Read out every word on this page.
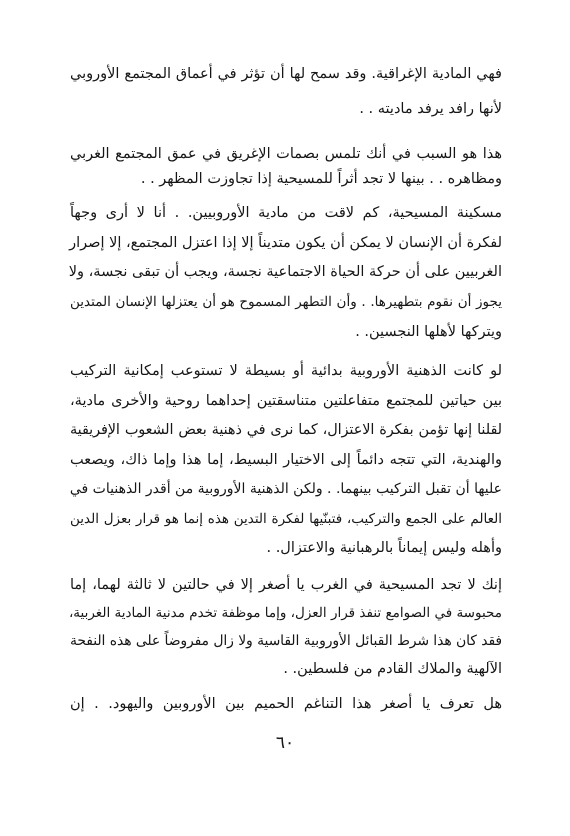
فهي المادية الإغراقية. وقد سمح لها أن تؤثر في أعماق المجتمع الأوروبي
لأنها رافد يرفد ماديته . .
هذا هو السبب في أنك تلمس بصمات الإغريق في عمق المجتمع الغربي
ومظاهره . . بينها لا تجد أثراً للمسيحية إذا تجاوزت المظهر . .
مسكينة المسيحية، كم لاقت من مادية الأوروبيين. . أنا لا أرى وجهاً
لفكرة أن الإنسان لا يمكن أن يكون متديناً إلا إذا اعتزل المجتمع، إلا إصرار
الغربيين على أن حركة الحياة الاجتماعية نجسة، ويجب أن تبقى نجسة، ولا
يجوز أن نقوم بتطهيرها. . وأن التطهر المسموح هو أن يعتزلها الإنسان المتدين
ويتركها لأهلها النجسين. .
لو كانت الذهنية الأوروبية بدائية أو بسيطة لا تستوعب إمكانية التركيب
بين حياتين للمجتمع متفاعلتين متناسقتين إحداهما روحية والأخرى مادية،
لقلنا إنها تؤمن بفكرة الاعتزال، كما نرى في ذهنية بعض الشعوب الإفريقية
والهندية، التي تتجه دائماً إلى الاختيار البسيط، إما هذا وإما ذاك، ويصعب
عليها أن تقبل التركيب بينهما. . ولكن الذهنية الأوروبية من أقدر الذهنيات في
العالم على الجمع والتركيب، فتبنّيها لفكرة التدين هذه إنما هو قرار بعزل الدين
وأهله وليس إيماناً بالرهبانية والاعتزال. .
إنك لا تجد المسيحية في الغرب يا أصغر إلا في حالتين لا ثالثة لهما، إما
محبوسة في الصوامع تنفذ قرار العزل، وإما موظفة تخدم مدنية المادية الغربية،
فقد كان هذا شرط القبائل الأوروبية القاسية ولا زال مفروضاً على هذه النفحة
الآلهية والملاك القادم من فلسطين. .
هل تعرف يا أصغر هذا التناغم الحميم بين الأوروبين واليهود. . إن
٦٠
